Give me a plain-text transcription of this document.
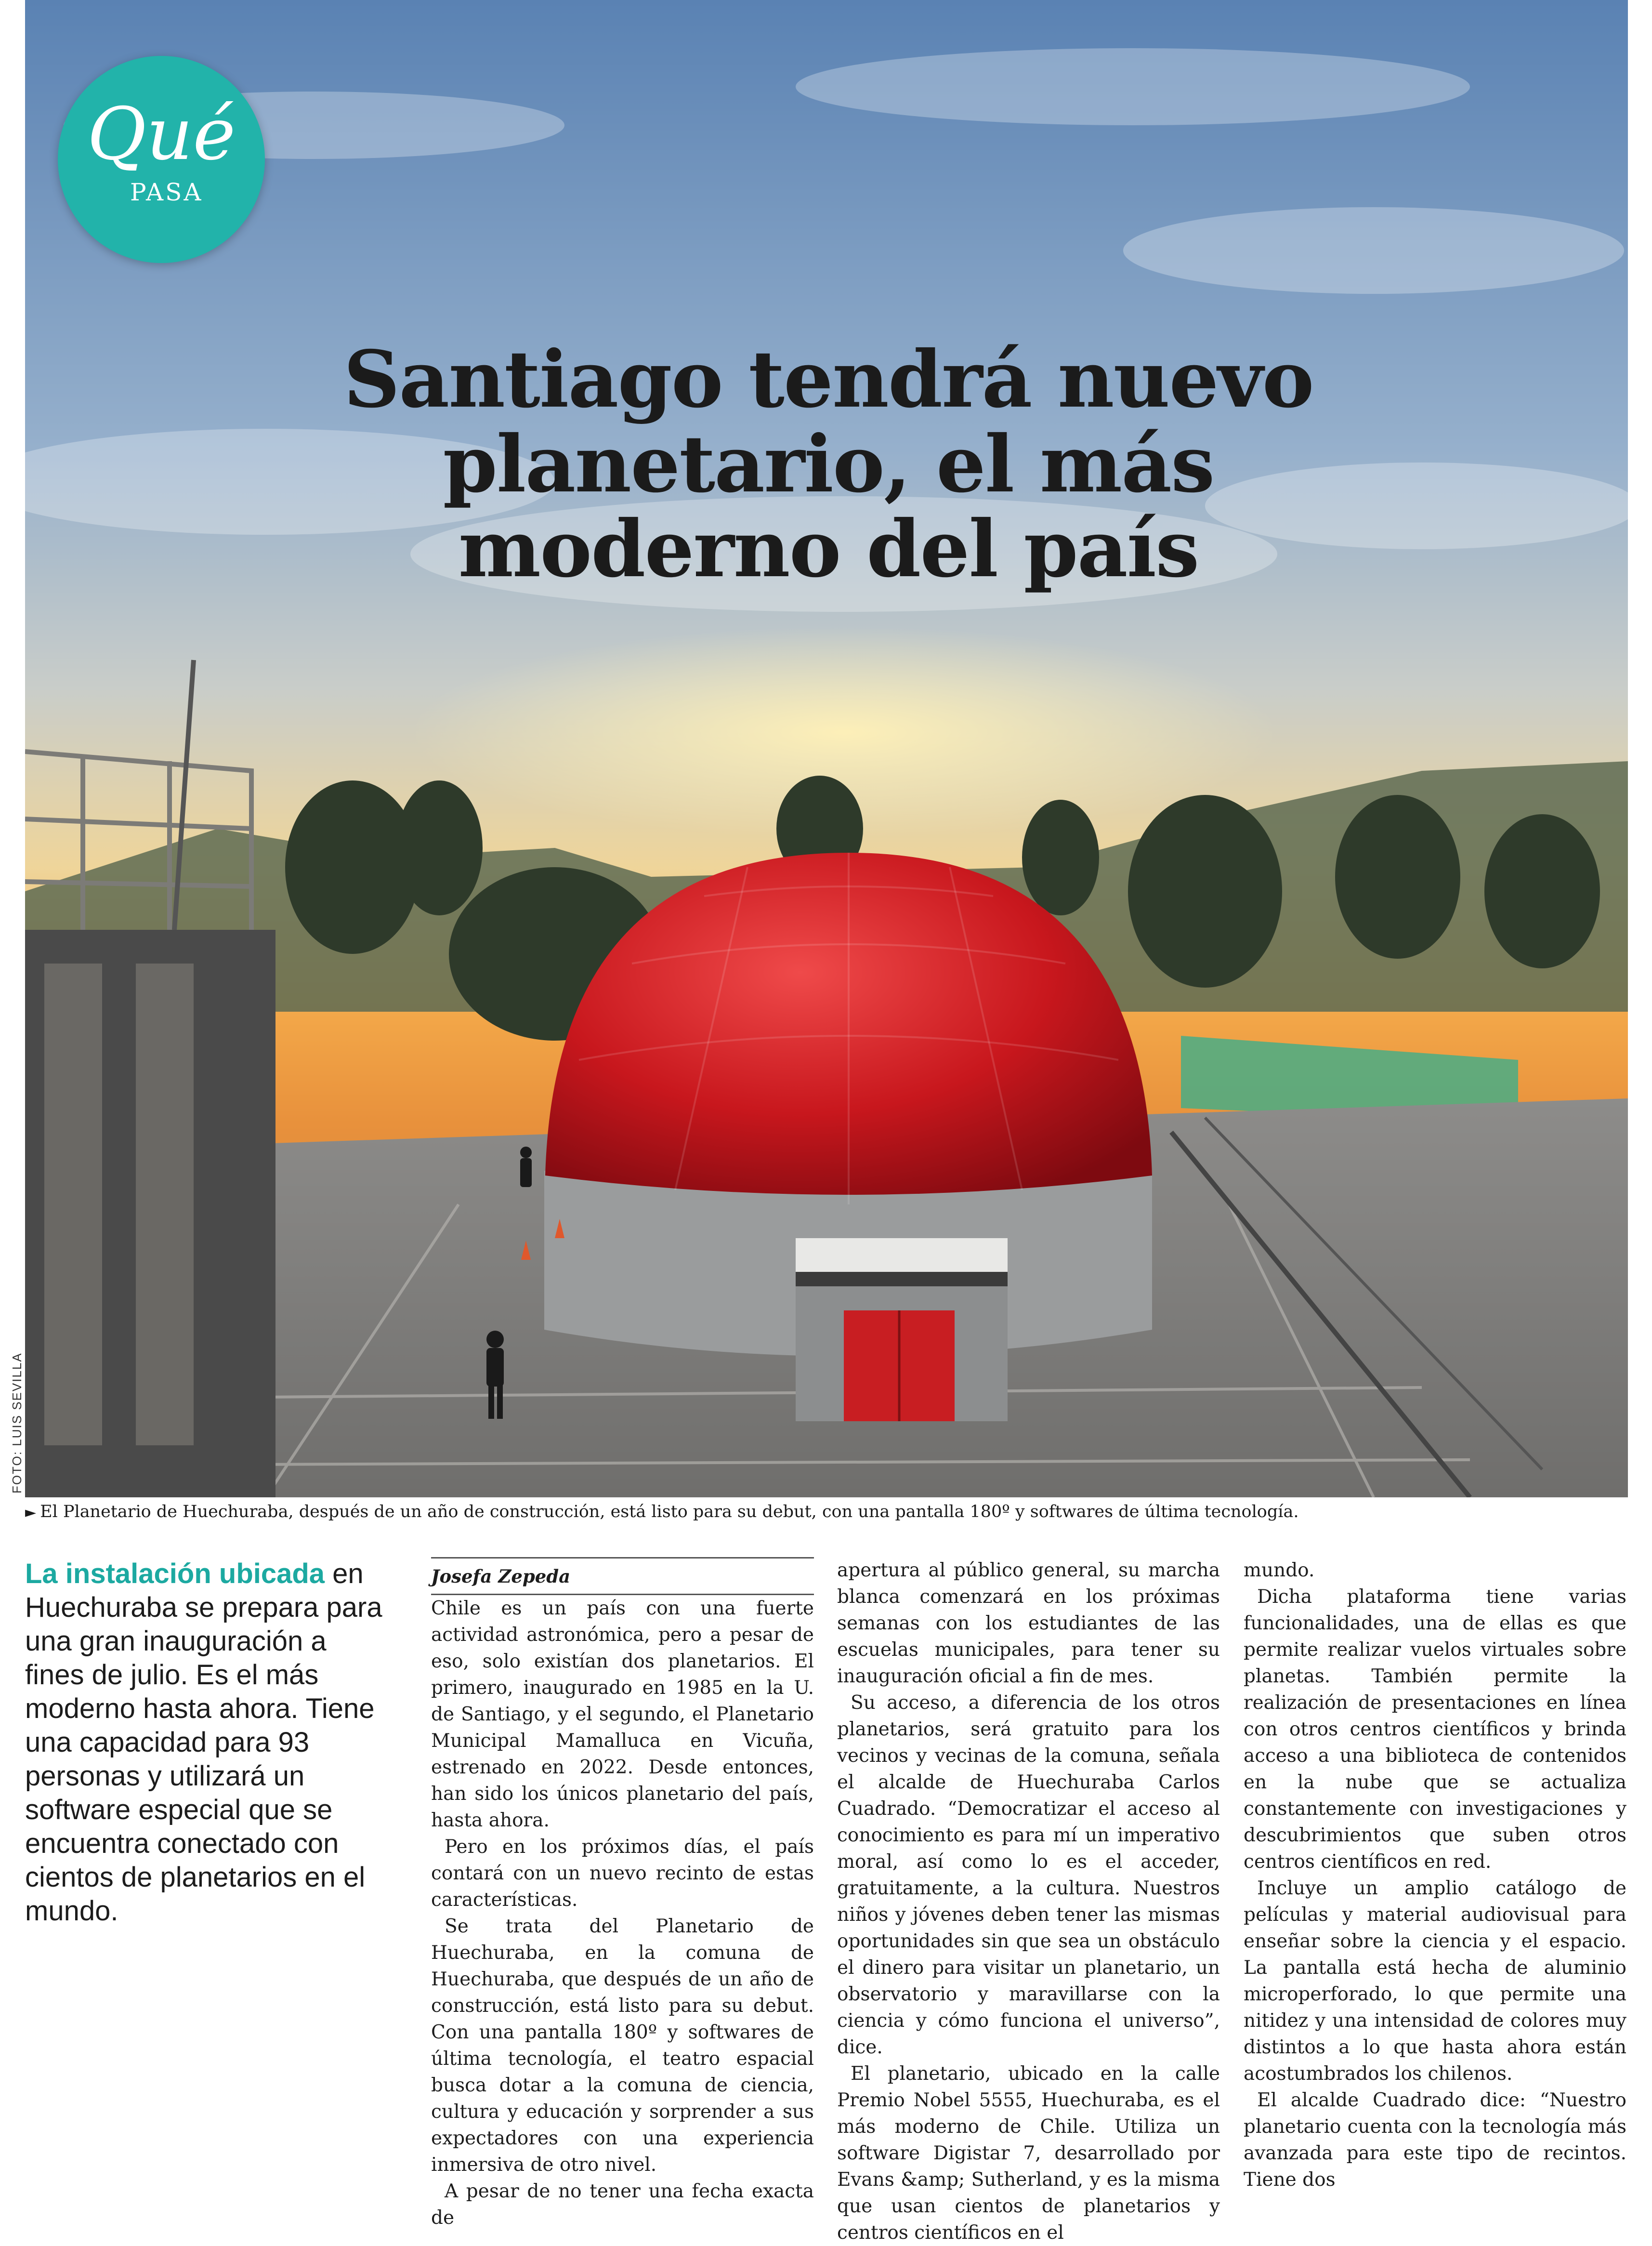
FOTO: LUIS SEVILLA
Qué
PASA
Santiago tendrá nuevo planetario, el más moderno del país
► El Planetario de Huechuraba, después de un año de construcción, está listo para su debut, con una pantalla 180º y softwares de última tecnología.

La instalación ubicada en Huechuraba se prepara para una gran inauguración a fines de julio. Es el más moderno hasta ahora. Tiene una capacidad para 93 personas y utilizará un software especial que se encuentra conectado con cientos de planetarios en el mundo.

Josefa Zepeda

Chile es un país con una fuerte actividad astronómica, pero a pesar de eso, solo existían dos planetarios. El primero, inaugurado en 1985 en la U. de Santiago, y el segundo, el Planetario Municipal Mamalluca en Vicuña, estrenado en 2022. Desde entonces, han sido los únicos planetario del país, hasta ahora.

Pero en los próximos días, el país contará con un nuevo recinto de estas características.

Se trata del Planetario de Huechuraba, en la comuna de Huechuraba, que después de un año de construcción, está listo para su debut. Con una pantalla 180º y softwares de última tecnología, el teatro espacial busca dotar a la comuna de ciencia, cultura y educación y sorprender a sus expectadores con una experiencia inmersiva de otro nivel.

A pesar de no tener una fecha exacta de

apertura al público general, su marcha blanca comenzará en los próximas semanas con los estudiantes de las escuelas municipales, para tener su inauguración oficial a fin de mes.

Su acceso, a diferencia de los otros planetarios, será gratuito para los vecinos y vecinas de la comuna, señala el alcalde de Huechuraba Carlos Cuadrado. “Democratizar el acceso al conocimiento es para mí un imperativo moral, así como lo es el acceder, gratuitamente, a la cultura. Nuestros niños y jóvenes deben tener las mismas oportunidades sin que sea un obstáculo el dinero para visitar un planetario, un observatorio y maravillarse con la ciencia y cómo funciona el universo”, dice.

El planetario, ubicado en la calle Premio Nobel 5555, Huechuraba, es el más moderno de Chile. Utiliza un software Digistar 7, desarrollado por Evans &amp; Sutherland, y es la misma que usan cientos de planetarios y centros científicos en el

mundo.

Dicha plataforma tiene varias funcionalidades, una de ellas es que permite realizar vuelos virtuales sobre planetas. También permite la realización de presentaciones en línea con otros centros científicos y brinda acceso a una biblioteca de contenidos en la nube que se actualiza constantemente con investigaciones y descubrimientos que suben otros centros científicos en red.

Incluye un amplio catálogo de películas y material audiovisual para enseñar sobre la ciencia y el espacio. La pantalla está hecha de aluminio microperforado, lo que permite una nitidez y una intensidad de colores muy distintos a lo que hasta ahora están acostumbrados los chilenos.

El alcalde Cuadrado dice: “Nuestro planetario cuenta con la tecnología más avanzada para este tipo de recintos. Tiene dos
